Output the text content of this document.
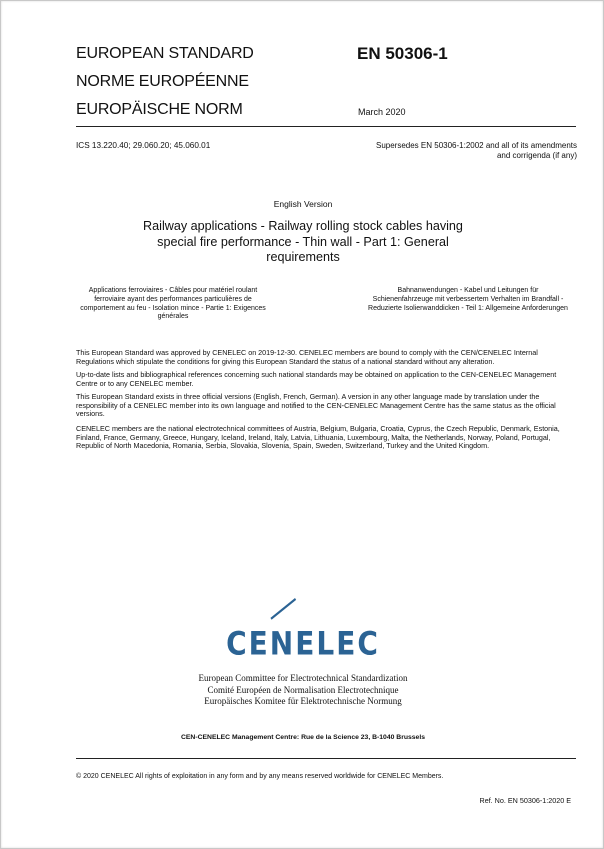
EUROPEAN STANDARD
NORME EUROPÉENNE
EUROPÄISCHE NORM
EN 50306-1
March 2020
ICS 13.220.40; 29.060.20; 45.060.01	Supersedes EN 50306-1:2002 and all of its amendments
and corrigenda (if any)
English Version
Railway applications - Railway rolling stock cables having special fire performance - Thin wall - Part 1: General requirements
Applications ferroviaires - Câbles pour matériel roulant ferroviaire ayant des performances particulières de comportement au feu - Isolation mince - Partie 1: Exigences générales
Bahnanwendungen - Kabel und Leitungen für Schienenfahrzeuge mit verbessertem Verhalten im Brandfall - Reduzierte Isolierwanddicken - Teil 1: Allgemeine Anforderungen

This European Standard was approved by CENELEC on 2019-12-30. CENELEC members are bound to comply with the CEN/CENELEC Internal Regulations which stipulate the conditions for giving this European Standard the status of a national standard without any alteration.

Up-to-date lists and bibliographical references concerning such national standards may be obtained on application to the CEN-CENELEC Management Centre or to any CENELEC member.

This European Standard exists in three official versions (English, French, German). A version in any other language made by translation under the responsibility of a CENELEC member into its own language and notified to the CEN-CENELEC Management Centre has the same status as the official versions.

CENELEC members are the national electrotechnical committees of Austria, Belgium, Bulgaria, Croatia, Cyprus, the Czech Republic, Denmark, Estonia, Finland, France, Germany, Greece, Hungary, Iceland, Ireland, Italy, Latvia, Lithuania, Luxembourg, Malta, the Netherlands, Norway, Poland, Portugal, Republic of North Macedonia, Romania, Serbia, Slovakia, Slovenia, Spain, Sweden, Switzerland, Turkey and the United Kingdom.

CENELEC
European Committee for Electrotechnical Standardization
Comité Européen de Normalisation Electrotechnique
Europäisches Komitee für Elektrotechnische Normung
CEN-CENELEC Management Centre: Rue de la Science 23, B-1040 Brussels
© 2020 CENELEC All rights of exploitation in any form and by any means reserved worldwide for CENELEC Members.
Ref. No. EN 50306-1:2020 E
